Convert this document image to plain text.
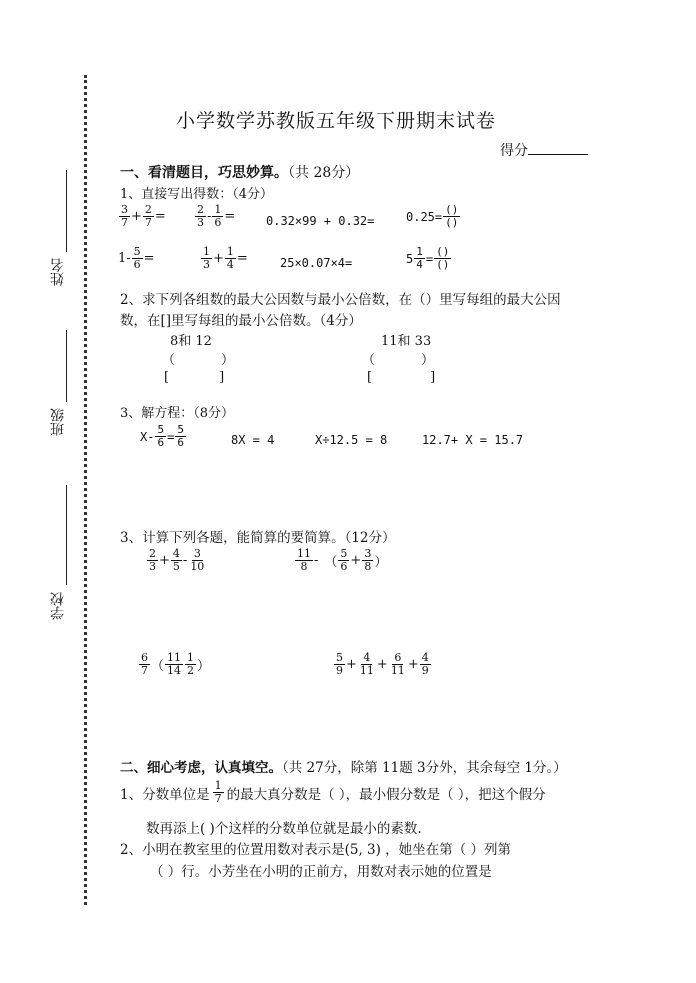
姓名
班级
学校
小学数学苏教版五年级下册期末试卷
得分
一、看清题目，巧思妙算。（共 28分）
1、直接写出得数：（4分）
$\frac{3}{7} + \frac{2}{7}$ =	$\frac{2}{3} - \frac{1}{6}$ =	0.32×99 + 0.32=	$0.25= \frac{()}{()}$
$1- \frac{5}{6}$ =	$\frac{1}{3} + \frac{1}{4}$ =	25×0.07×4=	$5 \frac{1}{4} = \frac{()}{()}$
2、求下列各组数的最大公因数与最小公倍数，在（）里写每组的最大公因
数，在[]里写每组的最小公倍数。（4分）
8和 12	11和 33
（	）	（	）
[	]	[	]
3、解方程：（8分）
$X- \frac{5}{6} = \frac{5}{6}$	8X = 4	X÷12.5 = 8	12.7+ X = 15.7
3、计算下列各题，能简算的要简算。（12分）
$\frac{2}{3} + \frac{4}{5} - \frac{3}{10}$	$\frac{11}{8}$ - （ $\frac{5}{6} + \frac{3}{8}$ ）
$\frac{6}{7}$ （ $\frac{11}{14} \frac{1}{2}$ ）	$\frac{5}{9} + \frac{4}{11} + \frac{6}{11} + \frac{4}{9}$
二、细心考虑，认真填空。（共 27分，除第 11题 3分外，其余每空 1分。）
1、分数单位是 $\frac{1}{7}$ 的最大真分数是（ ），最小假分数是（ ），把这个假分
数再添上( )个这样的分数单位就是最小的素数.
2、小明在教室里的位置用数对表示是(5, 3) ，她坐在第（ ）列第
（ ）行。小芳坐在小明的正前方，用数对表示她的位置是
